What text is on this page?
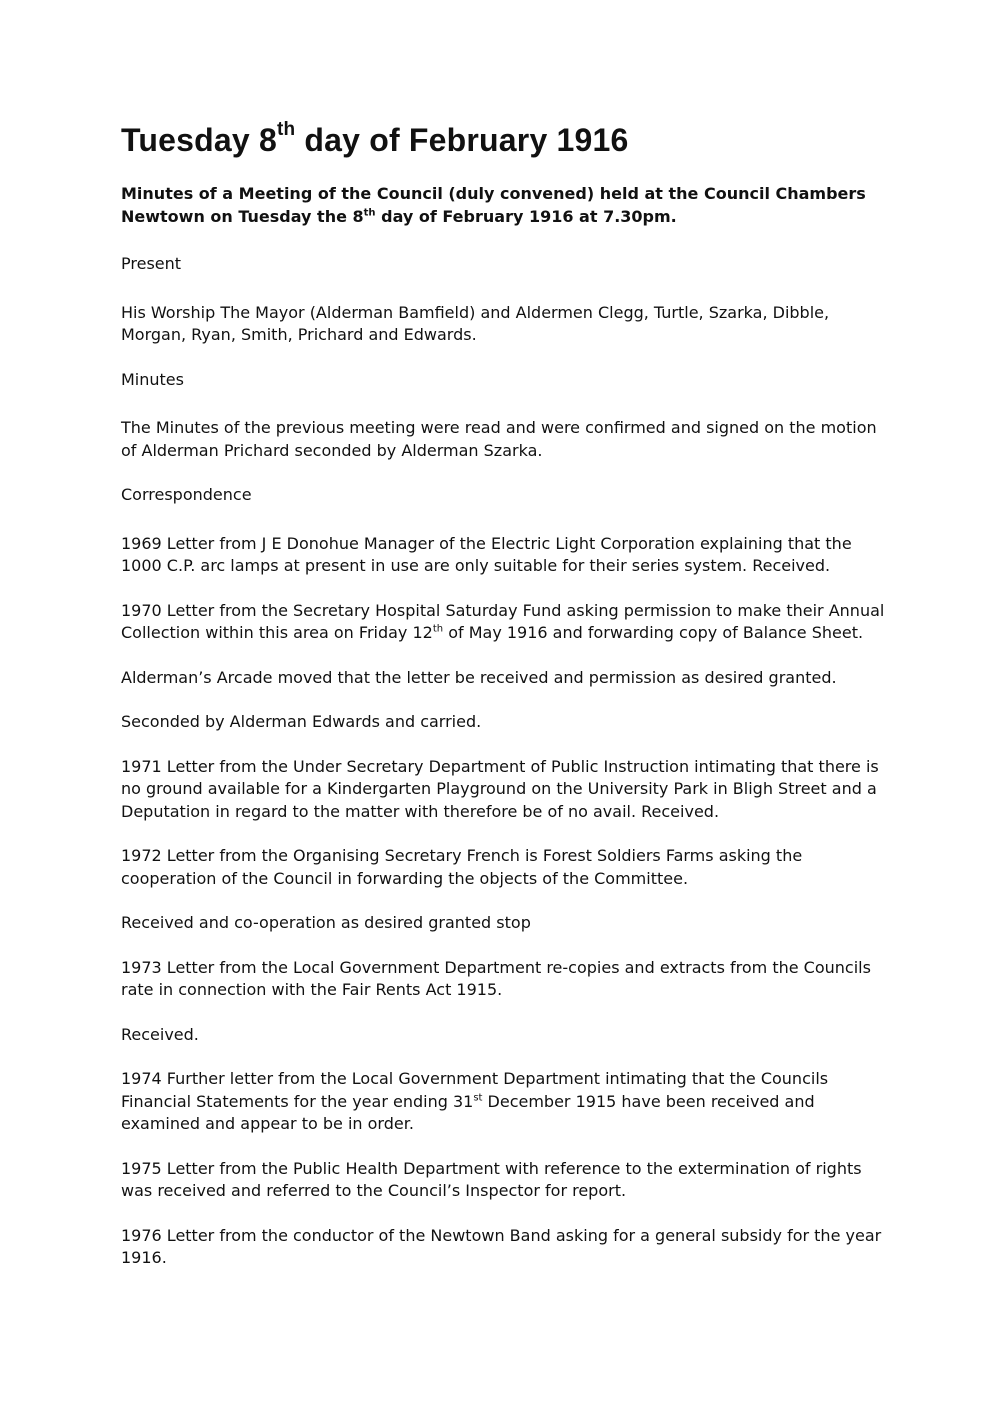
Tuesday 8th day of February 1916

Minutes of a Meeting of the Council (duly convened) held at the Council Chambers Newtown on Tuesday the 8th day of February 1916 at 7.30pm.

Present

His Worship The Mayor (Alderman Bamfield) and Aldermen Clegg, Turtle, Szarka, Dibble, Morgan, Ryan, Smith, Prichard and Edwards.

Minutes

The Minutes of the previous meeting were read and were confirmed and signed on the motion of Alderman Prichard seconded by Alderman Szarka.

Correspondence

1969 Letter from J E Donohue Manager of the Electric Light Corporation explaining that the 1000 C.P. arc lamps at present in use are only suitable for their series system. Received.

1970 Letter from the Secretary Hospital Saturday Fund asking permission to make their Annual Collection within this area on Friday 12th of May 1916 and forwarding copy of Balance Sheet.

Alderman’s Arcade moved that the letter be received and permission as desired granted.

Seconded by Alderman Edwards and carried.

1971 Letter from the Under Secretary Department of Public Instruction intimating that there is no ground available for a Kindergarten Playground on the University Park in Bligh Street and a Deputation in regard to the matter with therefore be of no avail. Received.

1972 Letter from the Organising Secretary French is Forest Soldiers Farms asking the cooperation of the Council in forwarding the objects of the Committee.

Received and co-operation as desired granted stop

1973 Letter from the Local Government Department re-copies and extracts from the Councils rate in connection with the Fair Rents Act 1915.

Received.

1974 Further letter from the Local Government Department intimating that the Councils Financial Statements for the year ending 31st December 1915 have been received and examined and appear to be in order.

1975 Letter from the Public Health Department with reference to the extermination of rights was received and referred to the Council’s Inspector for report.

1976 Letter from the conductor of the Newtown Band asking for a general subsidy for the year 1916.
